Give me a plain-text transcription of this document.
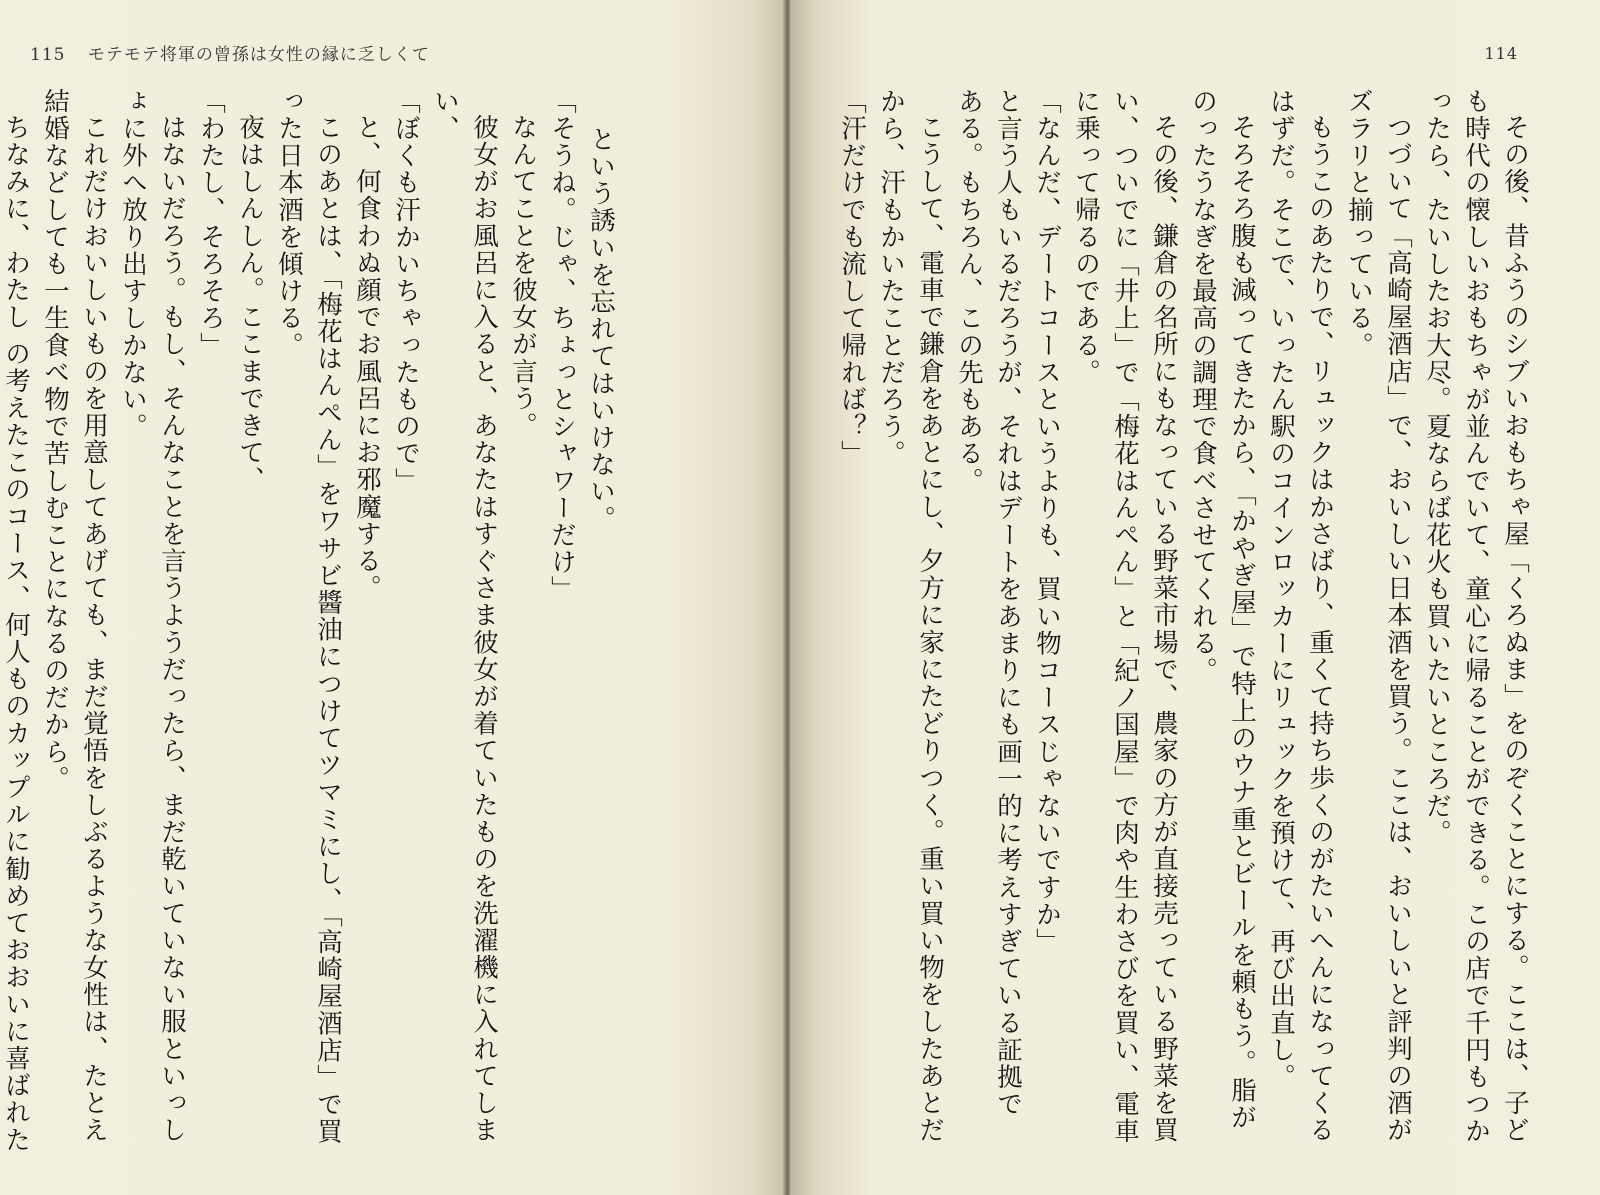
115 モテモテ将軍の曾孫は女性の縁に乏しくて
という誘いを忘れてはいけない。
「そうね。じゃ、ちょっとシャワーだけ」
なんてことを彼女が言う。
彼女がお風呂に入ると、あなたはすぐさま彼女が着ていたものを洗濯機に入れてしま
い、
「ぼくも汗かいちゃったもので」
と、何食わぬ顔でお風呂にお邪魔する。
このあとは、「梅花はんぺん」をワサビ醬油につけてツマミにし、「高崎屋酒店」で買
った日本酒を傾ける。
夜はしんしん。ここまできて、
「わたし、そろそろ」
はないだろう。もし、そんなことを言うようだったら、まだ乾いていない服といっし
ょに外へ放り出すしかない。
これだけおいしいものを用意してあげても、まだ覚悟をしぶるような女性は、たとえ
結婚などしても一生食べ物で苦しむことになるのだから。
ちなみに、わたし の考えたこのコース、何人ものカップルに勧めておおいに喜ばれた
114
その後、昔ふうのシブいおもちゃ屋「くろぬま」をのぞくことにする。ここは、子ど
も時代の懐しいおもちゃが並んでいて、童心に帰ることができる。この店で千円もつか
ったら、たいしたお大尽。夏ならば花火も買いたいところだ。
つづいて「高崎屋酒店」で、おいしい日本酒を買う。ここは、おいしいと評判の酒が
ズラリと揃っている。
もうこのあたりで、リュックはかさばり、重くて持ち歩くのがたいへんになってくる
はずだ。そこで、いったん駅のコインロッカーにリュックを預けて、再び出直し。
そろそろ腹も減ってきたから、「かやぎ屋」で特上のウナ重とビールを頼もう。脂が
のったうなぎを最高の調理で食べさせてくれる。
その後、鎌倉の名所にもなっている野菜市場で、農家の方が直接売っている野菜を買
い、ついでに「井上」で「梅花はんぺん」と「紀ノ国屋」で肉や生わさびを買い、電車
に乗って帰るのである。
「なんだ、デートコースというよりも、買い物コースじゃないですか」
と言う人もいるだろうが、それはデートをあまりにも画一的に考えすぎている証拠で
ある。もちろん、この先もある。
こうして、電車で鎌倉をあとにし、夕方に家にたどりつく。重い買い物をしたあとだ
から、汗もかいたことだろう。
「汗だけでも流して帰れば？」
